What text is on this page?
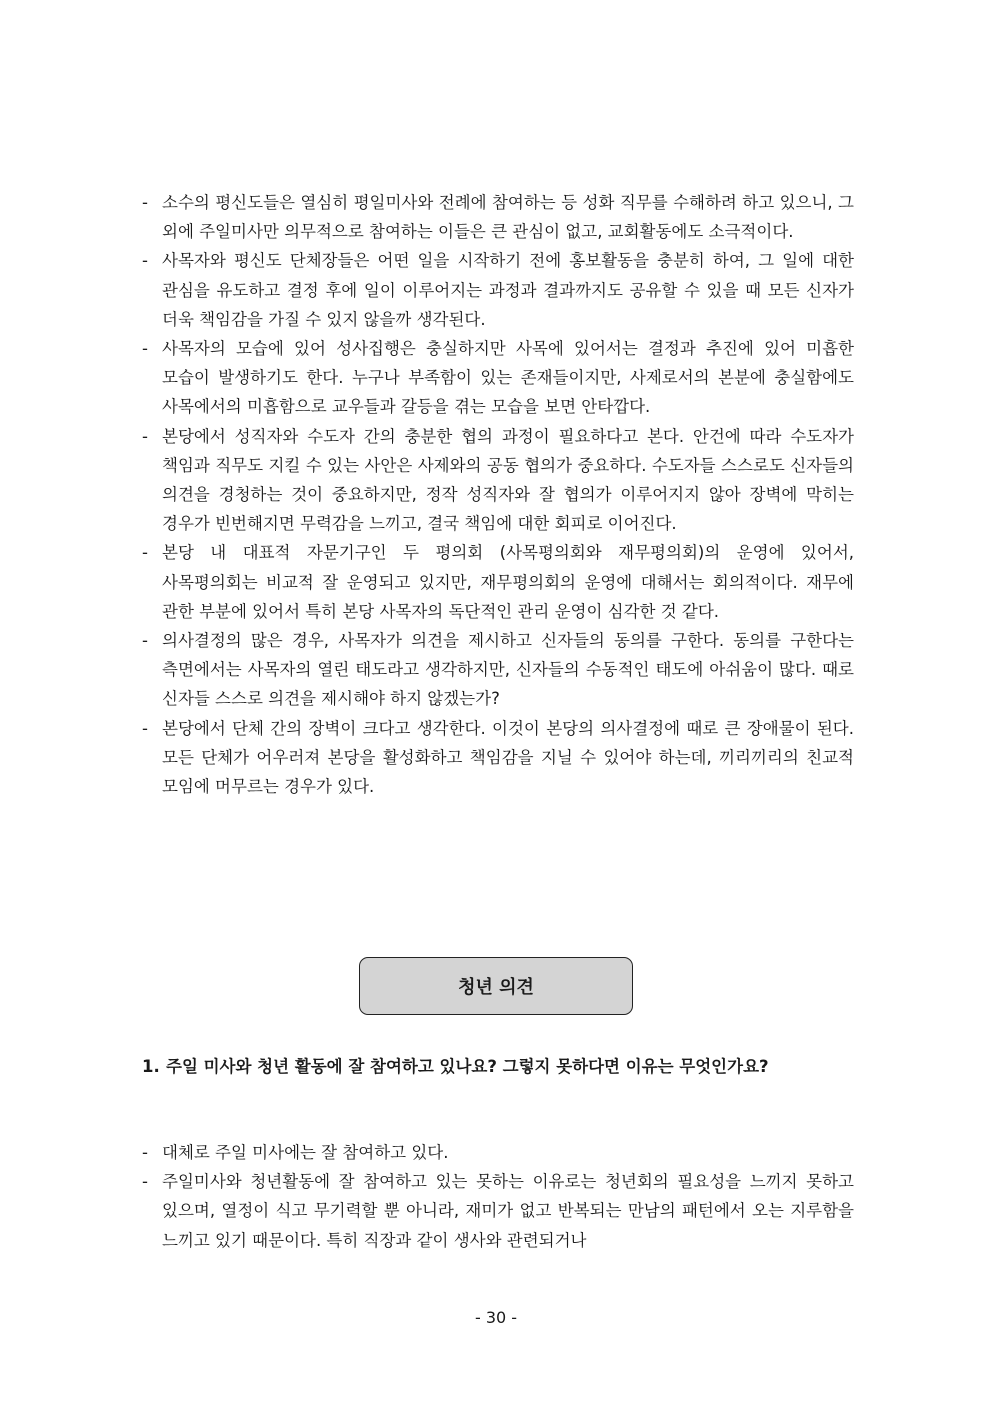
- 소수의 평신도들은 열심히 평일미사와 전례에 참여하는 등 성화 직무를 수해하려 하고 있으니, 그 외에 주일미사만 의무적으로 참여하는 이들은 큰 관심이 없고, 교회활동에도 소극적이다.
- 사목자와 평신도 단체장들은 어떤 일을 시작하기 전에 홍보활동을 충분히 하여, 그 일에 대한 관심을 유도하고 결정 후에 일이 이루어지는 과정과 결과까지도 공유할 수 있을 때 모든 신자가 더욱 책임감을 가질 수 있지 않을까 생각된다.
- 사목자의 모습에 있어 성사집행은 충실하지만 사목에 있어서는 결정과 추진에 있어 미흡한 모습이 발생하기도 한다. 누구나 부족함이 있는 존재들이지만, 사제로서의 본분에 충실함에도 사목에서의 미흡함으로 교우들과 갈등을 겪는 모습을 보면 안타깝다.
- 본당에서 성직자와 수도자 간의 충분한 협의 과정이 필요하다고 본다. 안건에 따라 수도자가 책임과 직무도 지킬 수 있는 사안은 사제와의 공동 협의가 중요하다. 수도자들 스스로도 신자들의 의견을 경청하는 것이 중요하지만, 정작 성직자와 잘 협의가 이루어지지 않아 장벽에 막히는 경우가 빈번해지면 무력감을 느끼고, 결국 책임에 대한 회피로 이어진다.
- 본당 내 대표적 자문기구인 두 평의회 (사목평의회와 재무평의회)의 운영에 있어서, 사목평의회는 비교적 잘 운영되고 있지만, 재무평의회의 운영에 대해서는 회의적이다. 재무에 관한 부분에 있어서 특히 본당 사목자의 독단적인 관리 운영이 심각한 것 같다.
- 의사결정의 많은 경우, 사목자가 의견을 제시하고 신자들의 동의를 구한다. 동의를 구한다는 측면에서는 사목자의 열린 태도라고 생각하지만, 신자들의 수동적인 태도에 아쉬움이 많다. 때로 신자들 스스로 의견을 제시해야 하지 않겠는가?
- 본당에서 단체 간의 장벽이 크다고 생각한다. 이것이 본당의 의사결정에 때로 큰 장애물이 된다. 모든 단체가 어우러져 본당을 활성화하고 책임감을 지닐 수 있어야 하는데, 끼리끼리의 친교적 모임에 머무르는 경우가 있다.
청년 의견
1. 주일 미사와 청년 활동에 잘 참여하고 있나요? 그렇지 못하다면 이유는 무엇인가요?
- 대체로 주일 미사에는 잘 참여하고 있다.
- 주일미사와 청년활동에 잘 참여하고 있는 못하는 이유로는 청년회의 필요성을 느끼지 못하고 있으며, 열정이 식고 무기력할 뿐 아니라, 재미가 없고 반복되는 만남의 패턴에서 오는 지루함을 느끼고 있기 때문이다. 특히 직장과 같이 생사와 관련되거나
- 30 -
